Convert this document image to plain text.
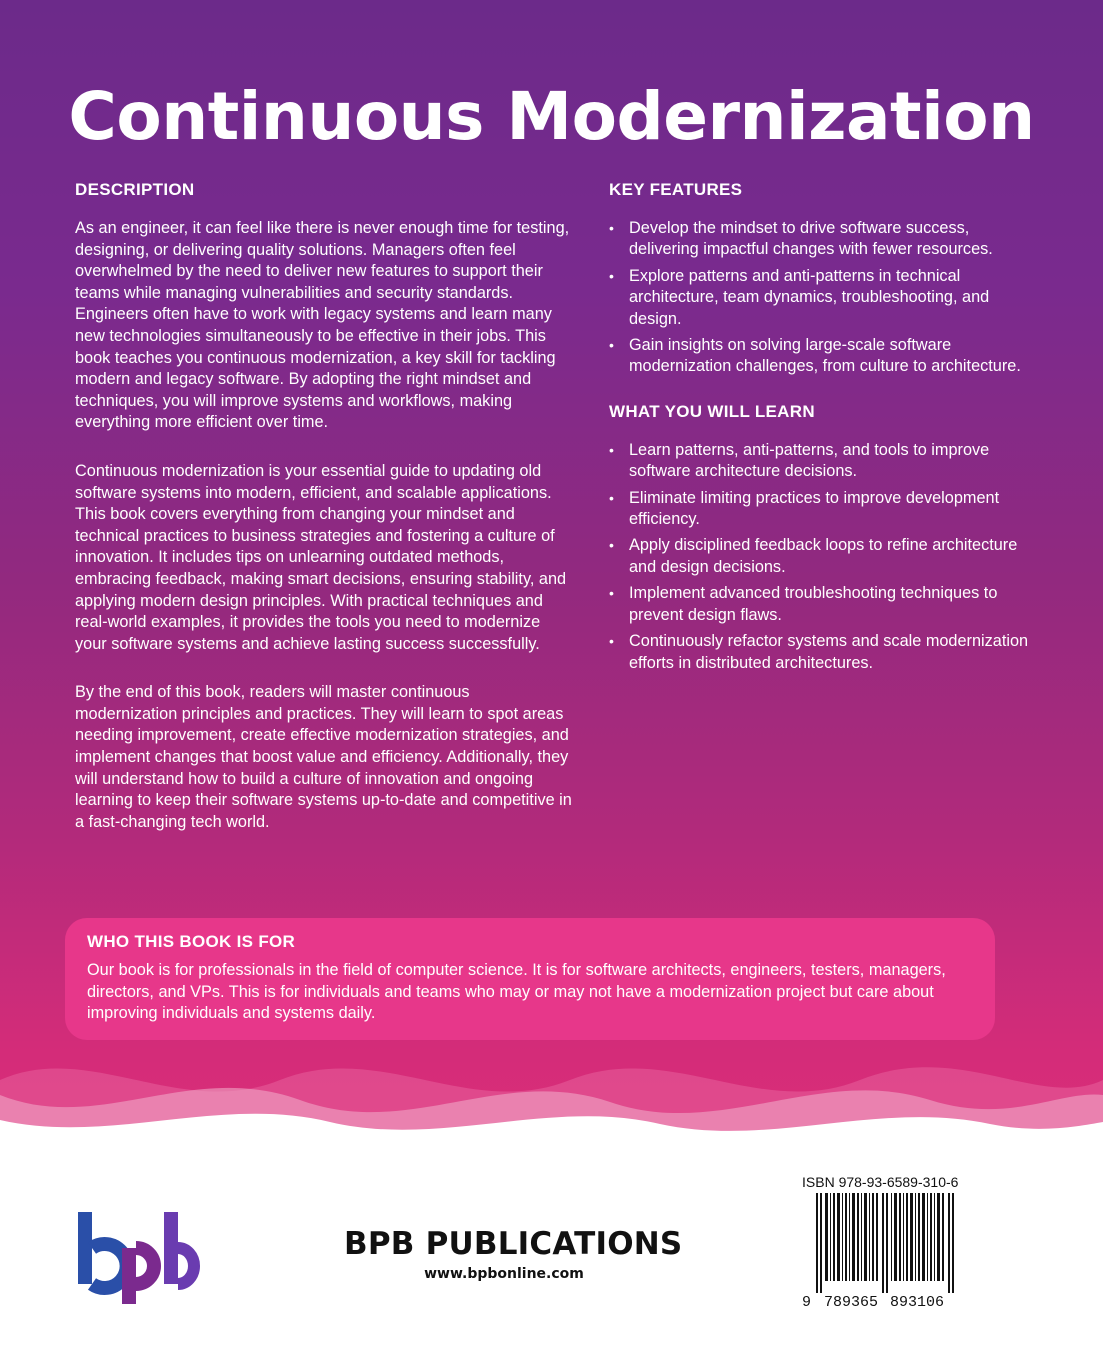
Continuous Modernization
DESCRIPTION

As an engineer, it can feel like there is never enough time for testing, designing, or delivering quality solutions. Managers often feel overwhelmed by the need to deliver new features to support their teams while managing vulnerabilities and security standards. Engineers often have to work with legacy systems and learn many new technologies simultaneously to be effective in their jobs. This book teaches you continuous modernization, a key skill for tackling modern and legacy software. By adopting the right mindset and techniques, you will improve systems and workflows, making everything more efficient over time.

Continuous modernization is your essential guide to updating old software systems into modern, efficient, and scalable applications. This book covers everything from changing your mindset and technical practices to business strategies and fostering a culture of innovation. It includes tips on unlearning outdated methods, embracing feedback, making smart decisions, ensuring stability, and applying modern design principles. With practical techniques and real-world examples, it provides the tools you need to modernize your software systems and achieve lasting success successfully.

By the end of this book, readers will master continuous modernization principles and practices. They will learn to spot areas needing improvement, create effective modernization strategies, and implement changes that boost value and efficiency. Additionally, they will understand how to build a culture of innovation and ongoing learning to keep their software systems up-to-date and competitive in a fast-changing tech world.

KEY FEATURES
• Develop the mindset to drive software success, delivering impactful changes with fewer resources.
• Explore patterns and anti-patterns in technical architecture, team dynamics, troubleshooting, and design.
• Gain insights on solving large-scale software modernization challenges, from culture to architecture.
WHAT YOU WILL LEARN
• Learn patterns, anti-patterns, and tools to improve software architecture decisions.
• Eliminate limiting practices to improve development efficiency.
• Apply disciplined feedback loops to refine architecture and design decisions.
• Implement advanced troubleshooting techniques to prevent design flaws.
• Continuously refactor systems and scale modernization efforts in distributed architectures.
WHO THIS BOOK IS FOR

Our book is for professionals in the field of computer science. It is for software architects, engineers, testers, managers, directors, and VPs. This is for individuals and teams who may or may not have a modernization project but care about improving individuals and systems daily.

BPB PUBLICATIONS
www.bpbonline.com
ISBN 978-93-6589-310-6
9 789365 893106
